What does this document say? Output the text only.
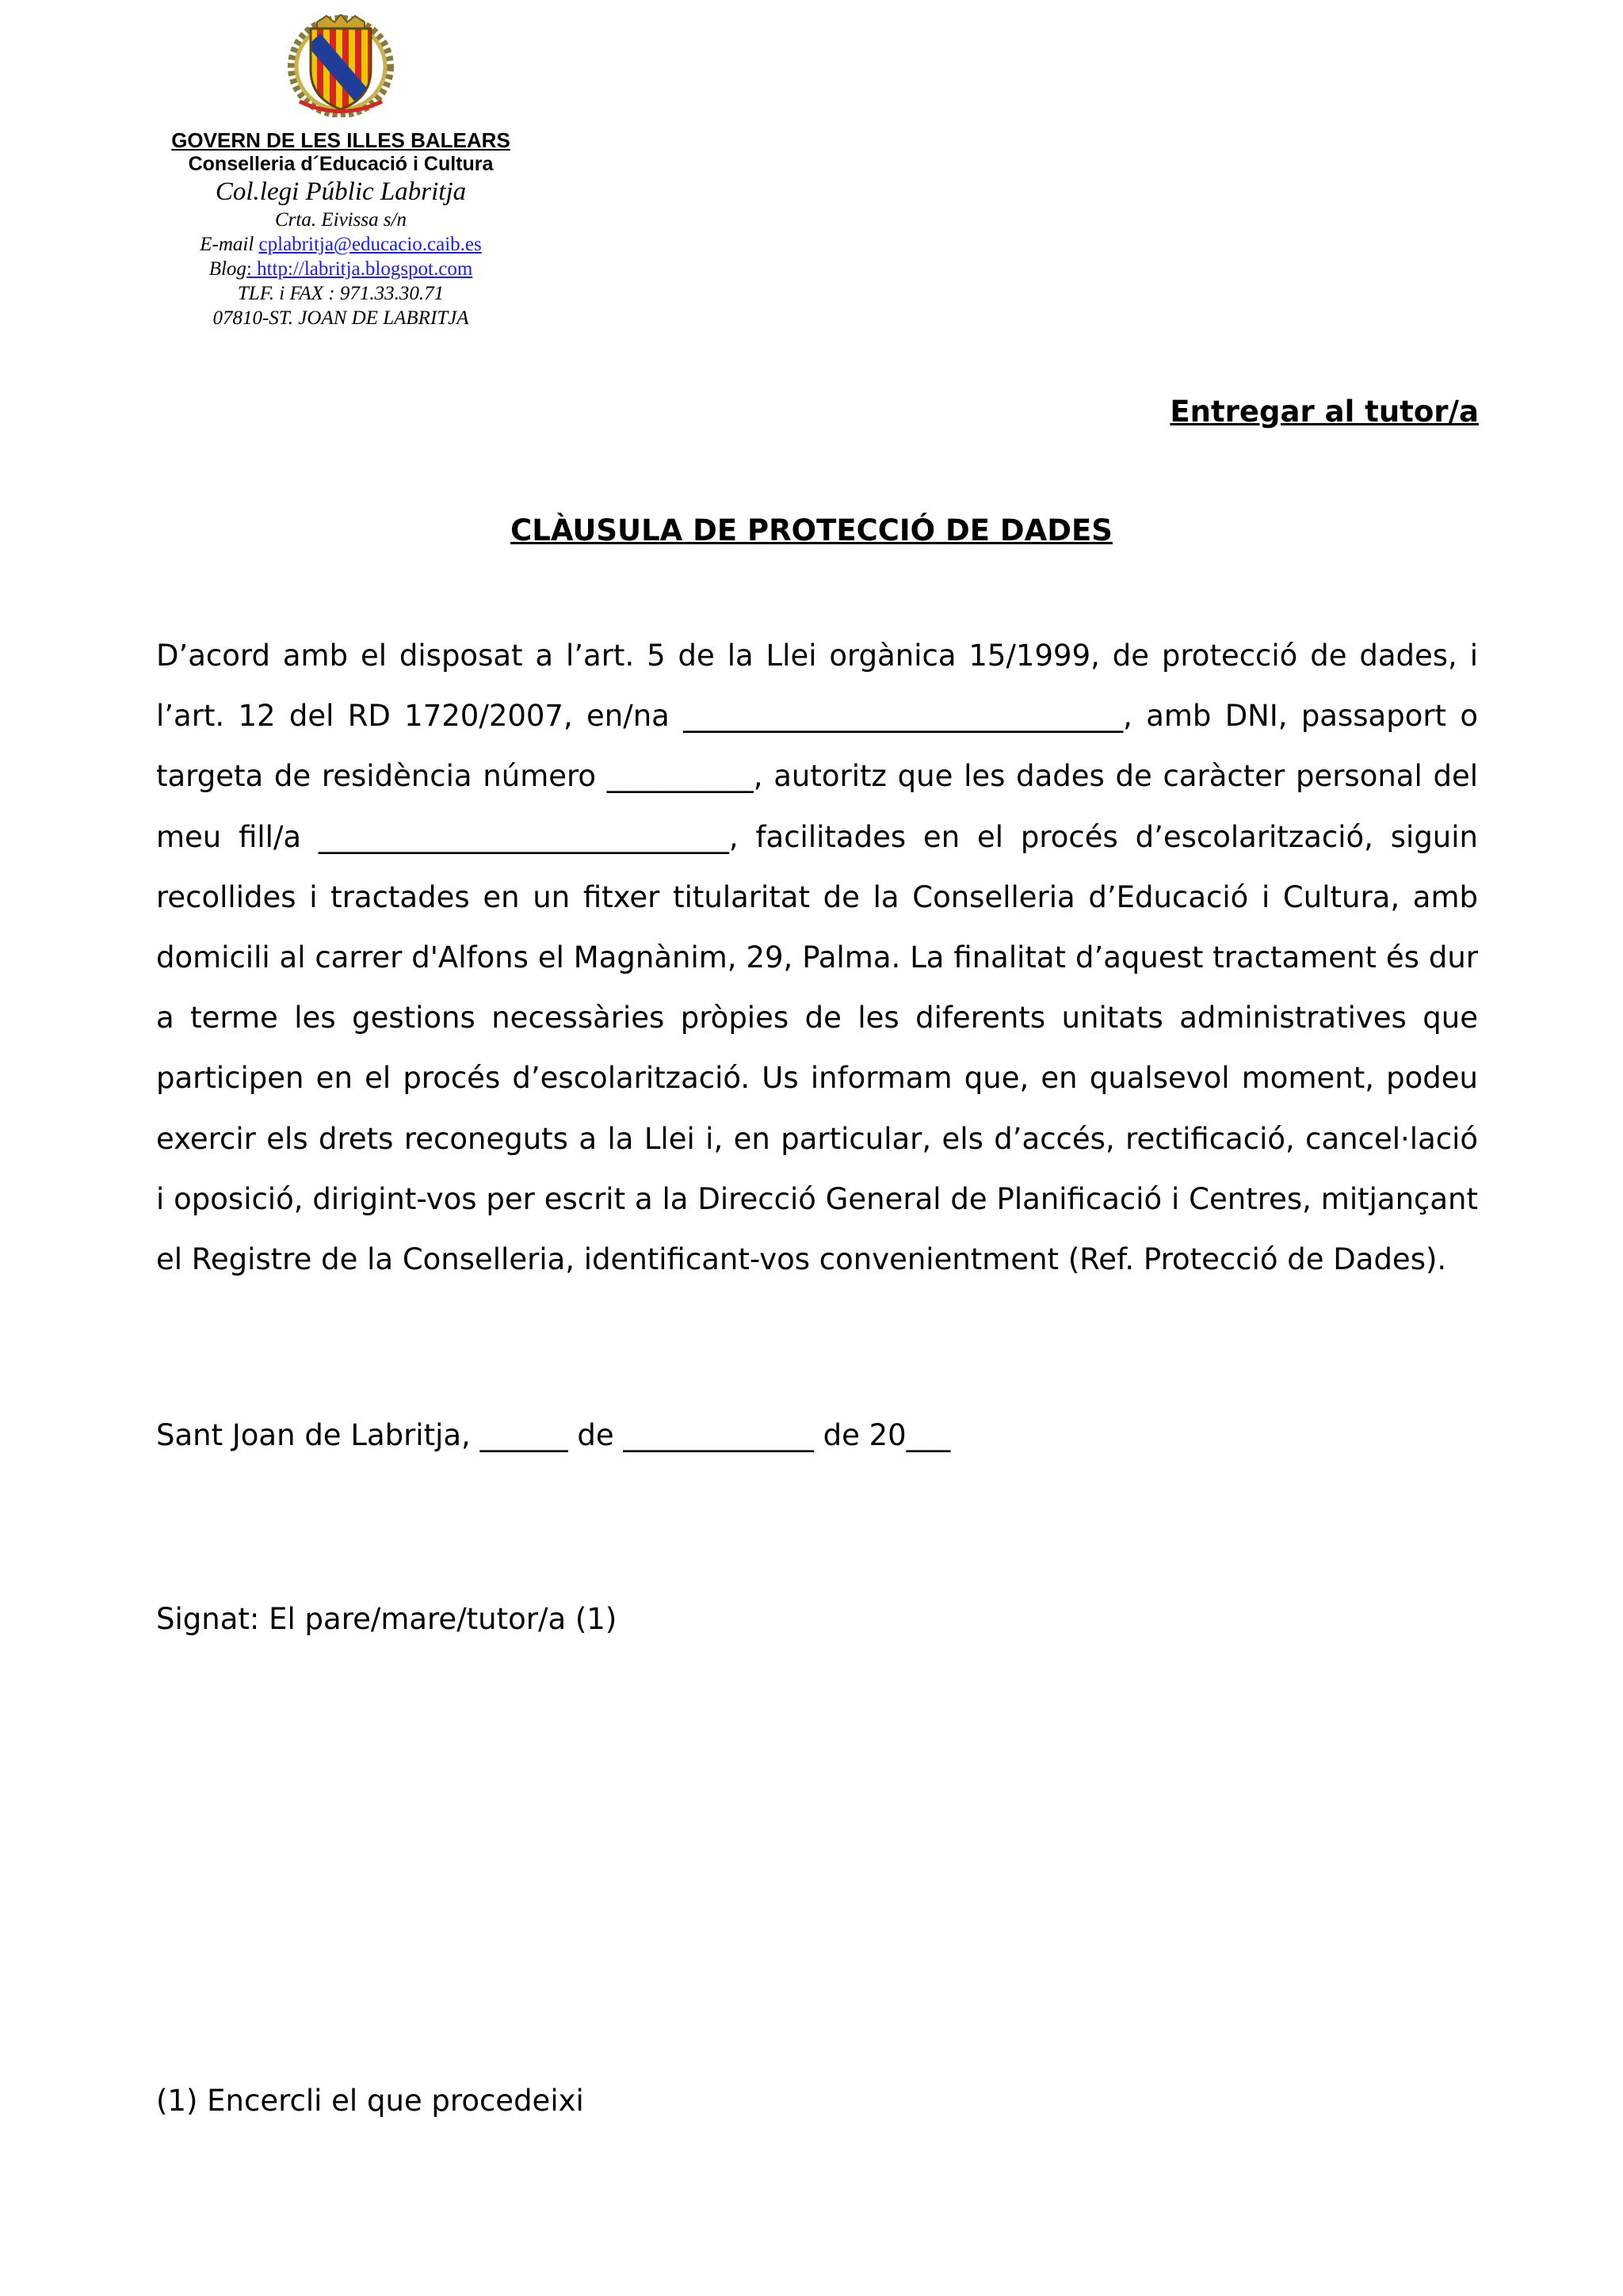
GOVERN DE LES ILLES BALEARS
Conselleria d´Educació i Cultura
Col.legi Públic Labritja
Crta. Eivissa s/n
E-mail cplabritja@educacio.caib.es
Blog: http://labritja.blogspot.com
TLF. i FAX : 971.33.30.71
07810-ST. JOAN DE LABRITJA
Entregar al tutor/a
CLÀUSULA DE PROTECCIÓ DE DADES
D’acord amb el disposat a l’art. 5 de la Llei orgànica 15/1999, de protecció de dades, i l’art. 12 del RD 1720/2007, en/na ______________________________, amb DNI, passaport o targeta de residència número __________, autoritz que les dades de caràcter personal del meu fill/a ____________________________, facilitades en el procés d’escolarització, siguin recollides i tractades en un fitxer titularitat de la Conselleria d’Educació i Cultura, amb domicili al carrer d'Alfons el Magnànim, 29, Palma. La finalitat d’aquest tractament és dur a terme les gestions necessàries pròpies de les diferents unitats administratives que participen en el procés d’escolarització. Us informam que, en qualsevol moment, podeu exercir els drets reconeguts a la Llei i, en particular, els d’accés, rectificació, cancel·lació i oposició, dirigint-vos per escrit a la Direcció General de Planificació i Centres, mitjançant el Registre de la Conselleria, identificant-vos convenientment (Ref. Protecció de Dades).
Sant Joan de Labritja, ______ de _____________ de 20___
Signat: El pare/mare/tutor/a (1)
(1) Encercli el que procedeixi
